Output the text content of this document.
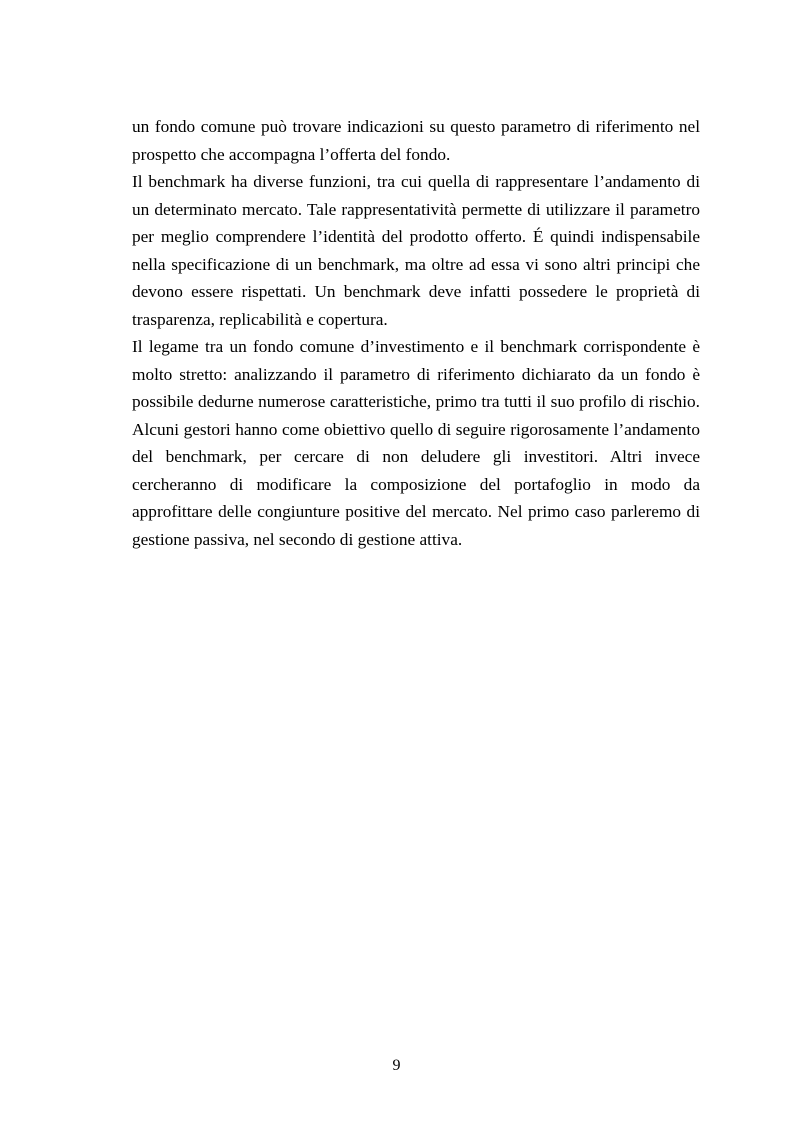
un fondo comune può trovare indicazioni su questo parametro di riferimento nel prospetto che accompagna l’offerta del fondo.

Il benchmark ha diverse funzioni, tra cui quella di rappresentare l’andamento di un determinato mercato. Tale rappresentatività permette di utilizzare il parametro per meglio comprendere l’identità del prodotto offerto. É quindi indispensabile nella specificazione di un benchmark, ma oltre ad essa vi sono altri principi che devono essere rispettati. Un benchmark deve infatti possedere le proprietà di trasparenza, replicabilità e copertura.

Il legame tra un fondo comune d’investimento e il benchmark corrispondente è molto stretto: analizzando il parametro di riferimento dichiarato da un fondo è possibile dedurne numerose caratteristiche, primo tra tutti il suo profilo di rischio. Alcuni gestori hanno come obiettivo quello di seguire rigorosamente l’andamento del benchmark, per cercare di non deludere gli investitori. Altri invece cercheranno di modificare la composizione del portafoglio in modo da approfittare delle congiunture positive del mercato. Nel primo caso parleremo di gestione passiva, nel secondo di gestione attiva.

9
